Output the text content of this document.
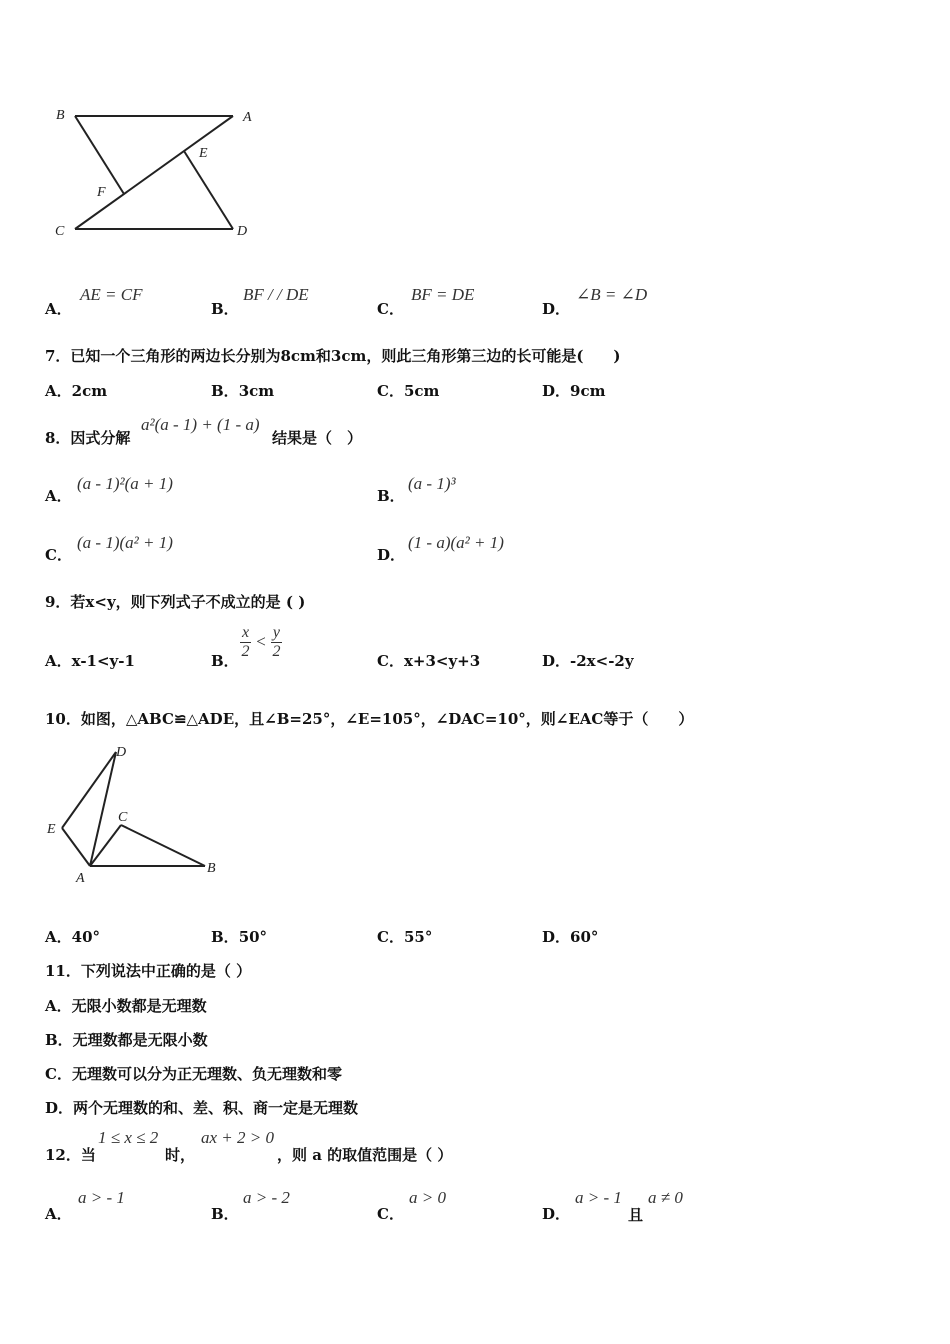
B	A
E
F
C	D
A．
AE = CF
B．
BF / / DE
C．
BF = DE
D．
∠B = ∠D
7．已知一个三角形的两边长分别为8cm和3cm，则此三角形第三边的长可能是(　　)
A．2cm	B．3cm	C．5cm	D．9cm
8．因式分解
a²(a - 1) + (1 - a)
结果是（　）
A．
(a - 1)²(a + 1)
B．
(a - 1)³
C．
(a - 1)(a² + 1)
D．
(1 - a)(a² + 1)
9．若x<y，则下列式子不成立的是 ( )
A．x-1<y-1	B． $\frac{x}{2} < \frac{y}{2}$	C．x+3<y+3	D．-2x<-2y
10．如图，△ABC≌△ADE，且∠B=25°，∠E=105°，∠DAC=10°，则∠EAC等于（　　）
D
C
E
A
B
A．40°	B．50°	C．55°	D．60°
11．下列说法中正确的是（ ）
A．无限小数都是无理数
B．无理数都是无限小数
C．无理数可以分为正无理数、负无理数和零
D．两个无理数的和、差、积、商一定是无理数
12．当
1 ≤ x ≤ 2
时，
ax + 2 > 0
，则 a 的取值范围是（ ）
A．
a > - 1
B．
a > - 2
C．
a > 0
D．
a > - 1
且
a ≠ 0
